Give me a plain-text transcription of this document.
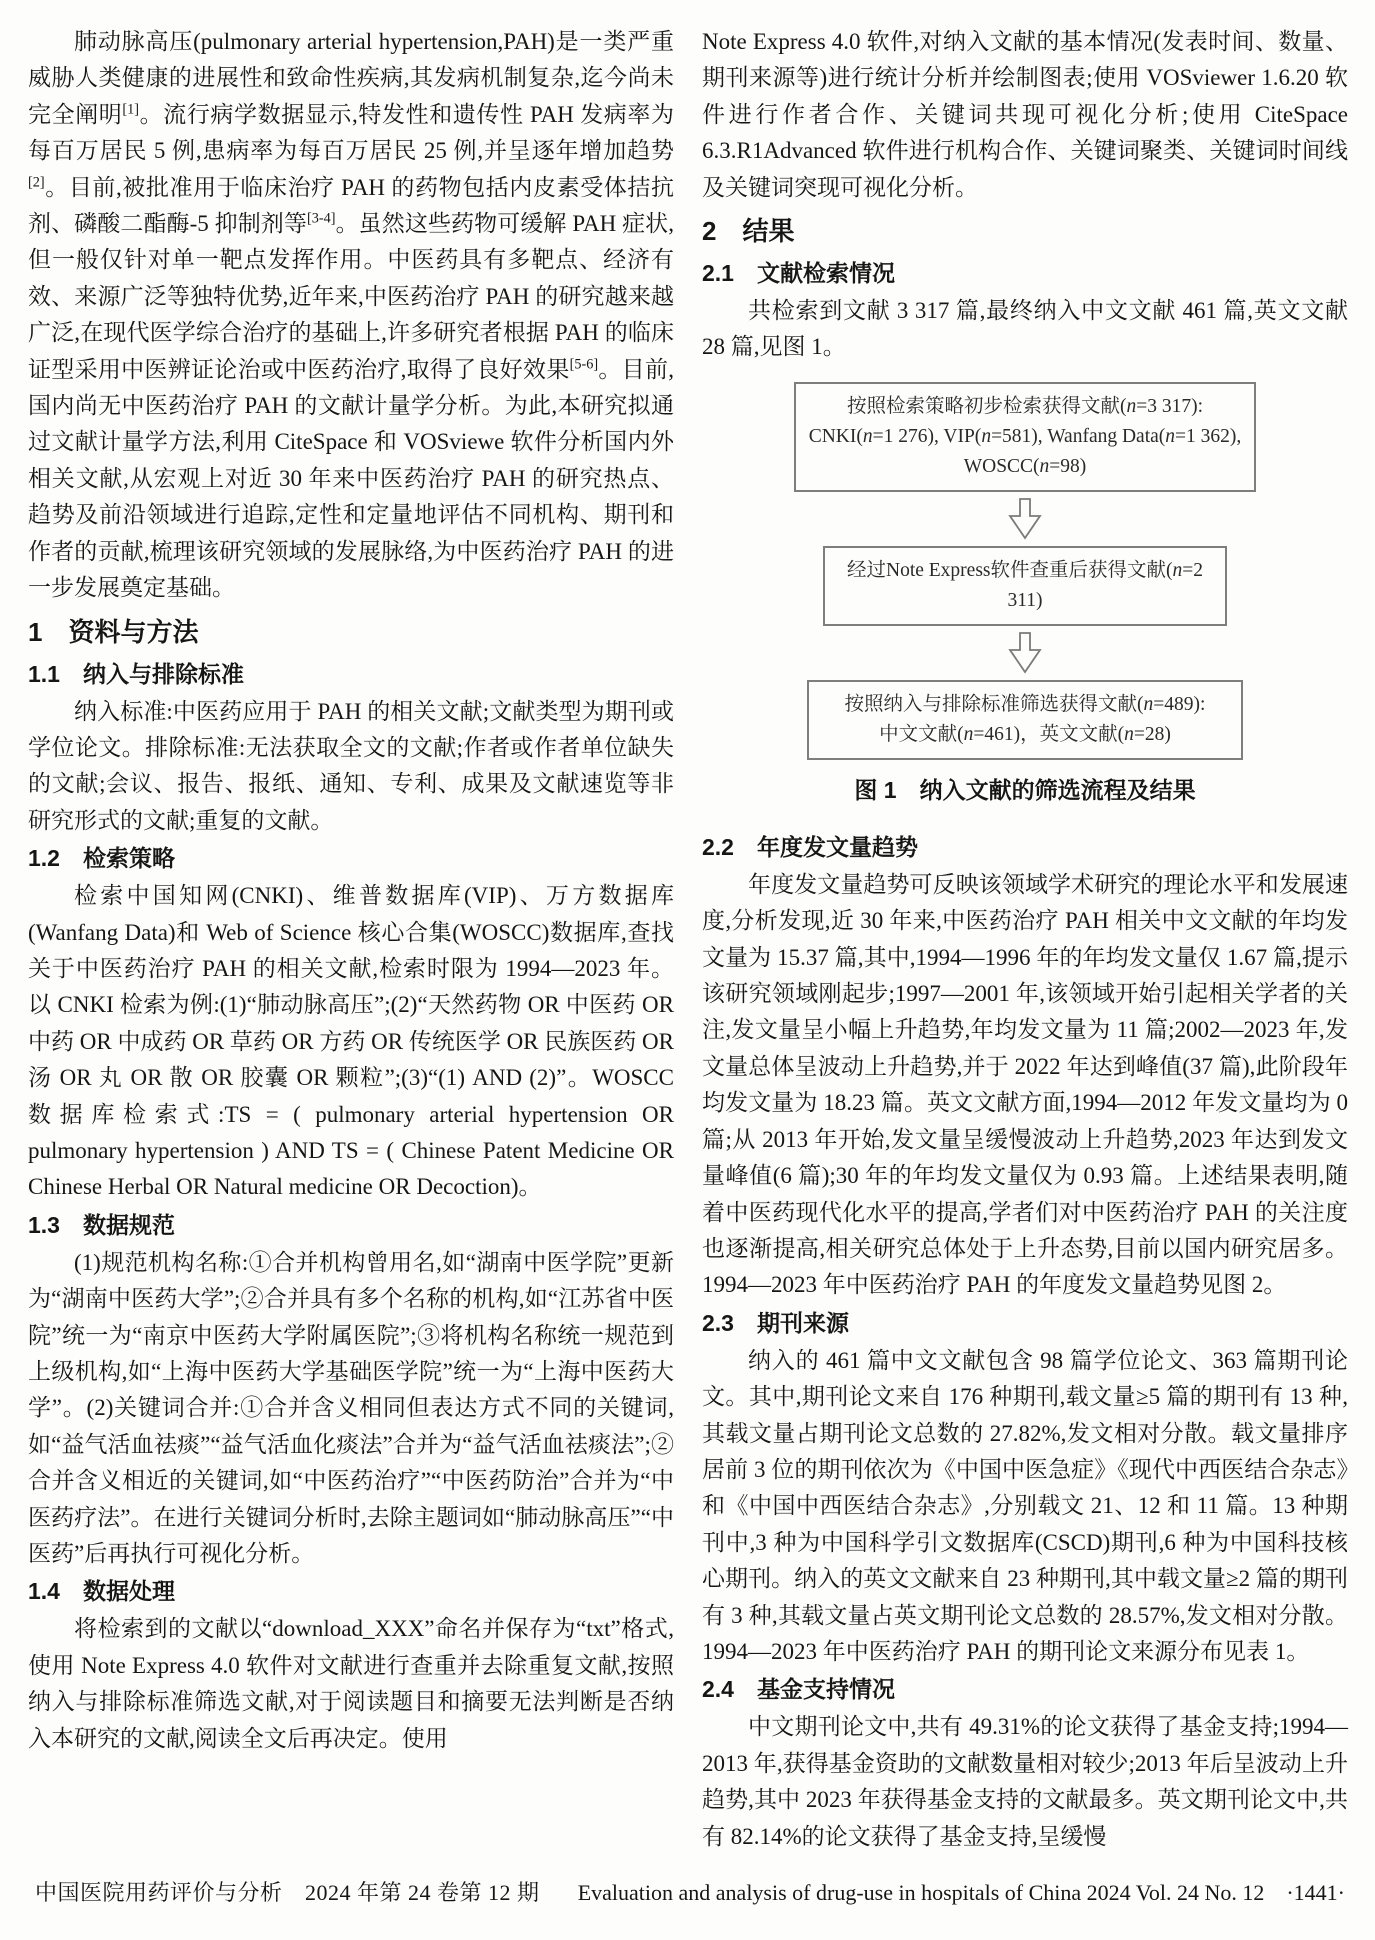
肺动脉高压(pulmonary arterial hypertension,PAH)是一类严重威胁人类健康的进展性和致命性疾病,其发病机制复杂,迄今尚未完全阐明[1]。流行病学数据显示,特发性和遗传性 PAH 发病率为每百万居民 5 例,患病率为每百万居民 25 例,并呈逐年增加趋势[2]。目前,被批准用于临床治疗 PAH 的药物包括内皮素受体拮抗剂、磷酸二酯酶-5 抑制剂等[3-4]。虽然这些药物可缓解 PAH 症状,但一般仅针对单一靶点发挥作用。中医药具有多靶点、经济有效、来源广泛等独特优势,近年来,中医药治疗 PAH 的研究越来越广泛,在现代医学综合治疗的基础上,许多研究者根据 PAH 的临床证型采用中医辨证论治或中医药治疗,取得了良好效果[5-6]。目前,国内尚无中医药治疗 PAH 的文献计量学分析。为此,本研究拟通过文献计量学方法,利用 CiteSpace 和 VOSviewe 软件分析国内外相关文献,从宏观上对近 30 年来中医药治疗 PAH 的研究热点、趋势及前沿领域进行追踪,定性和定量地评估不同机构、期刊和作者的贡献,梳理该研究领域的发展脉络,为中医药治疗 PAH 的进一步发展奠定基础。

1　资料与方法
1.1　纳入与排除标准

纳入标准:中医药应用于 PAH 的相关文献;文献类型为期刊或学位论文。排除标准:无法获取全文的文献;作者或作者单位缺失的文献;会议、报告、报纸、通知、专利、成果及文献速览等非研究形式的文献;重复的文献。

1.2　检索策略

检索中国知网(CNKI)、维普数据库(VIP)、万方数据库(Wanfang Data)和 Web of Science 核心合集(WOSCC)数据库,查找关于中医药治疗 PAH 的相关文献,检索时限为 1994—2023 年。以 CNKI 检索为例:(1)“肺动脉高压”;(2)“天然药物 OR 中医药 OR 中药 OR 中成药 OR 草药 OR 方药 OR 传统医学 OR 民族医药 OR 汤 OR 丸 OR 散 OR 胶囊 OR 颗粒”;(3)“(1) AND (2)”。WOSCC 数据库检索式:TS = ( pulmonary arterial hypertension OR pulmonary hypertension ) AND TS = ( Chinese Patent Medicine OR Chinese Herbal OR Natural medicine OR Decoction)。

1.3　数据规范

(1)规范机构名称:①合并机构曾用名,如“湖南中医学院”更新为“湖南中医药大学”;②合并具有多个名称的机构,如“江苏省中医院”统一为“南京中医药大学附属医院”;③将机构名称统一规范到上级机构,如“上海中医药大学基础医学院”统一为“上海中医药大学”。(2)关键词合并:①合并含义相同但表达方式不同的关键词,如“益气活血祛痰”“益气活血化痰法”合并为“益气活血祛痰法”;②合并含义相近的关键词,如“中医药治疗”“中医药防治”合并为“中医药疗法”。在进行关键词分析时,去除主题词如“肺动脉高压”“中医药”后再执行可视化分析。

1.4　数据处理

将检索到的文献以“download_XXX”命名并保存为“txt”格式,使用 Note Express 4.0 软件对文献进行查重并去除重复文献,按照纳入与排除标准筛选文献,对于阅读题目和摘要无法判断是否纳入本研究的文献,阅读全文后再决定。使用

Note Express 4.0 软件,对纳入文献的基本情况(发表时间、数量、期刊来源等)进行统计分析并绘制图表;使用 VOSviewer 1.6.20 软件进行作者合作、关键词共现可视化分析;使用 CiteSpace 6.3.R1Advanced 软件进行机构合作、关键词聚类、关键词时间线及关键词突现可视化分析。

2　结果
2.1　文献检索情况

共检索到文献 3 317 篇,最终纳入中文文献 461 篇,英文文献 28 篇,见图 1。

按照检索策略初步检索获得文献(n=3 317):
CNKI(n=1 276), VIP(n=581), Wanfang Data(n=1 362), WOSCC(n=98)
经过Note Express软件查重后获得文献(n=2 311)
按照纳入与排除标准筛选获得文献(n=489):
中文文献(n=461)，英文文献(n=28)
图 1　纳入文献的筛选流程及结果
2.2　年度发文量趋势

年度发文量趋势可反映该领域学术研究的理论水平和发展速度,分析发现,近 30 年来,中医药治疗 PAH 相关中文文献的年均发文量为 15.37 篇,其中,1994—1996 年的年均发文量仅 1.67 篇,提示该研究领域刚起步;1997—2001 年,该领域开始引起相关学者的关注,发文量呈小幅上升趋势,年均发文量为 11 篇;2002—2023 年,发文量总体呈波动上升趋势,并于 2022 年达到峰值(37 篇),此阶段年均发文量为 18.23 篇。英文文献方面,1994—2012 年发文量均为 0 篇;从 2013 年开始,发文量呈缓慢波动上升趋势,2023 年达到发文量峰值(6 篇);30 年的年均发文量仅为 0.93 篇。上述结果表明,随着中医药现代化水平的提高,学者们对中医药治疗 PAH 的关注度也逐渐提高,相关研究总体处于上升态势,目前以国内研究居多。1994—2023 年中医药治疗 PAH 的年度发文量趋势见图 2。

2.3　期刊来源

纳入的 461 篇中文文献包含 98 篇学位论文、363 篇期刊论文。其中,期刊论文来自 176 种期刊,载文量≥5 篇的期刊有 13 种,其载文量占期刊论文总数的 27.82%,发文相对分散。载文量排序居前 3 位的期刊依次为《中国中医急症》《现代中西医结合杂志》和《中国中西医结合杂志》,分别载文 21、12 和 11 篇。13 种期刊中,3 种为中国科学引文数据库(CSCD)期刊,6 种为中国科技核心期刊。纳入的英文文献来自 23 种期刊,其中载文量≥2 篇的期刊有 3 种,其载文量占英文期刊论文总数的 28.57%,发文相对分散。1994—2023 年中医药治疗 PAH 的期刊论文来源分布见表 1。

2.4　基金支持情况

中文期刊论文中,共有 49.31%的论文获得了基金支持;1994—2013 年,获得基金资助的文献数量相对较少;2013 年后呈波动上升趋势,其中 2023 年获得基金支持的文献最多。英文期刊论文中,共有 82.14%的论文获得了基金支持,呈缓慢

中国医院用药评价与分析　2024 年第 24 卷第 12 期 Evaluation and analysis of drug-use in hospitals of China 2024 Vol. 24 No. 12　·1441·
